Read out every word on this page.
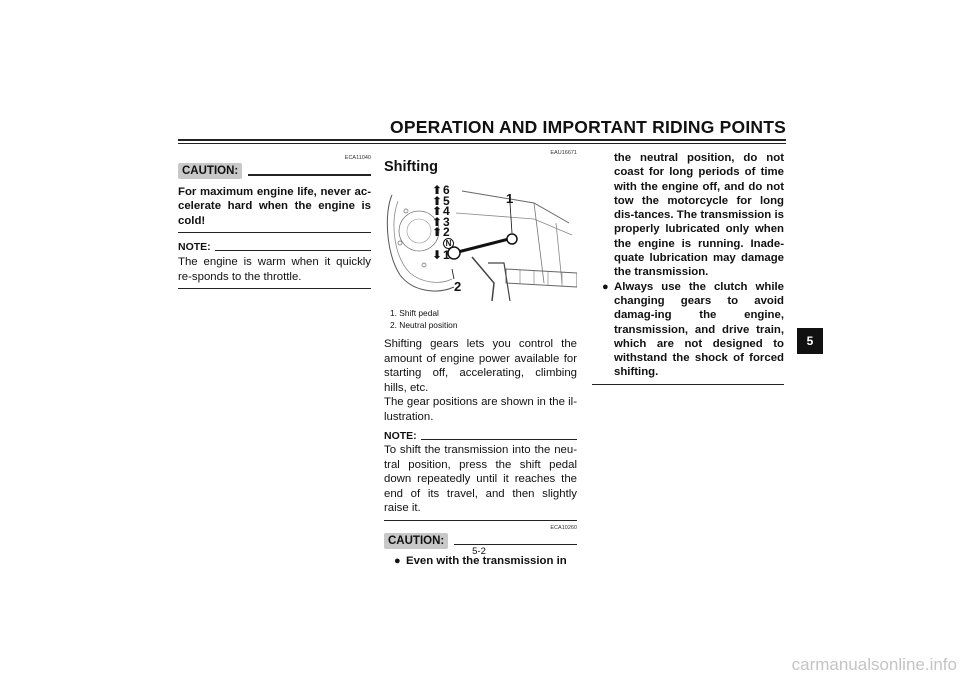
OPERATION AND IMPORTANT RIDING POINTS
ECA11040
CAUTION:
For maximum engine life, never ac-celerate hard when the engine is cold!
NOTE:
The engine is warm when it quickly re-sponds to the throttle.
EAU16671
Shifting
⬆ 6
⬆ 5
⬆ 4
⬆ 3
⬆ 2
N
⬇ 1
1
2
1. Shift pedal
2. Neutral position
Shifting gears lets you control the amount of engine power available for starting off, accelerating, climbing hills, etc.
The gear positions are shown in the il-lustration.
NOTE:
To shift the transmission into the neu-tral position, press the shift pedal down repeatedly until it reaches the end of its travel, and then slightly raise it.
ECA10260
CAUTION:
● Even with the transmission in
the neutral position, do not coast for long periods of time with the engine off, and do not tow the motorcycle for long dis-tances. The transmission is properly lubricated only when the engine is running. Inade-quate lubrication may damage the transmission.
● Always use the clutch while changing gears to avoid damag-ing the engine, transmission, and drive train, which are not designed to withstand the shock of forced shifting.
5
5-2
carmanualsonline.info
